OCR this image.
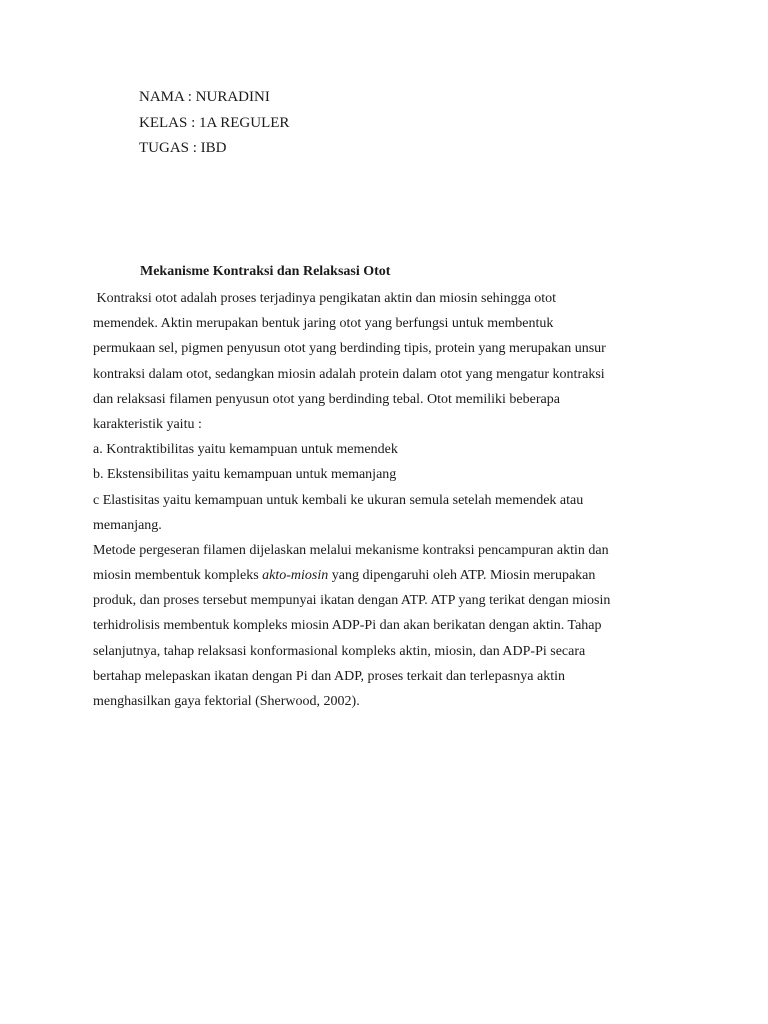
NAMA : NURADINI
KELAS : 1A REGULER
TUGAS : IBD
Mekanisme Kontraksi dan Relaksasi Otot
Kontraksi otot adalah proses terjadinya pengikatan aktin dan miosin sehingga otot
memendek. Aktin merupakan bentuk jaring otot yang berfungsi untuk membentuk
permukaan sel, pigmen penyusun otot yang berdinding tipis, protein yang merupakan unsur
kontraksi dalam otot, sedangkan miosin adalah protein dalam otot yang mengatur kontraksi
dan relaksasi filamen penyusun otot yang berdinding tebal. Otot memiliki beberapa
karakteristik yaitu :
a. Kontraktibilitas yaitu kemampuan untuk memendek
b. Ekstensibilitas yaitu kemampuan untuk memanjang
c Elastisitas yaitu kemampuan untuk kembali ke ukuran semula setelah memendek atau
memanjang.
Metode pergeseran filamen dijelaskan melalui mekanisme kontraksi pencampuran aktin dan
miosin membentuk kompleks akto-miosin yang dipengaruhi oleh ATP. Miosin merupakan
produk, dan proses tersebut mempunyai ikatan dengan ATP. ATP yang terikat dengan miosin
terhidrolisis membentuk kompleks miosin ADP-Pi dan akan berikatan dengan aktin. Tahap
selanjutnya, tahap relaksasi konformasional kompleks aktin, miosin, dan ADP-Pi secara
bertahap melepaskan ikatan dengan Pi dan ADP, proses terkait dan terlepasnya aktin
menghasilkan gaya fektorial (Sherwood, 2002).
